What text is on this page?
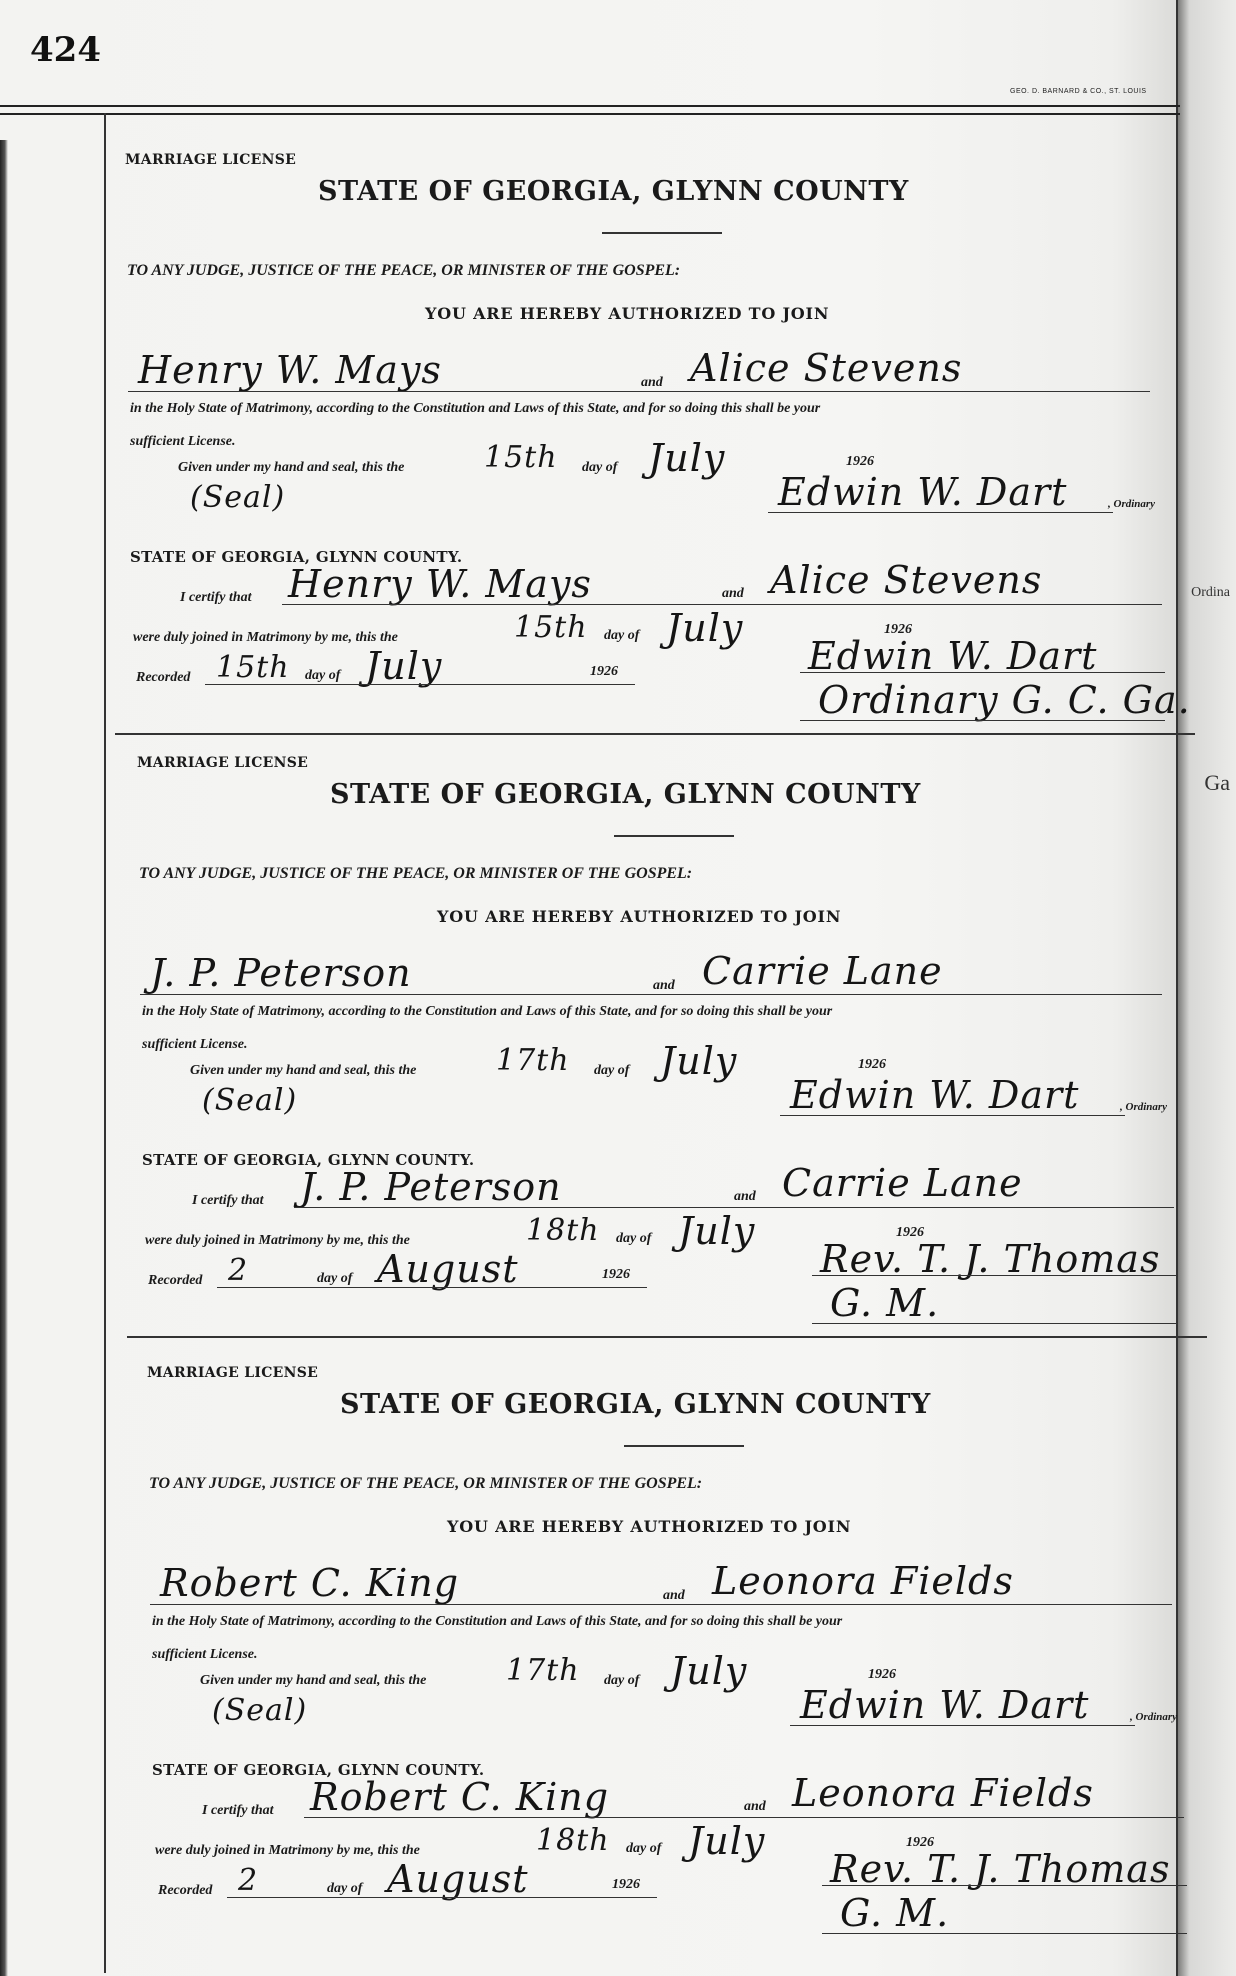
Ordina
Ga
424
GEO. D. BARNARD & CO., ST. LOUIS
MARRIAGE LICENSE
STATE OF GEORGIA, GLYNN COUNTY
TO ANY JUDGE, JUSTICE OF THE PEACE, OR MINISTER OF THE GOSPEL:
YOU ARE HEREBY AUTHORIZED TO JOIN
Henry W. Mays	and Alice Stevens
in the Holy State of Matrimony, according to the Constitution and Laws of this State, and for so doing this shall be your
sufficient License.
Given under my hand and seal, this the	15th day of July	1926
(Seal)	Edwin W. Dart	, Ordinary
STATE OF GEORGIA, GLYNN COUNTY.
I certify that Henry W. Mays	and Alice Stevens
were duly joined in Matrimony by me, this the	15th day of July	1926
Recorded 15th day of July	1926	Edwin W. Dart
Ordinary G. C. Ga.
MARRIAGE LICENSE
STATE OF GEORGIA, GLYNN COUNTY
TO ANY JUDGE, JUSTICE OF THE PEACE, OR MINISTER OF THE GOSPEL:
YOU ARE HEREBY AUTHORIZED TO JOIN
J. P. Peterson	and Carrie Lane
in the Holy State of Matrimony, according to the Constitution and Laws of this State, and for so doing this shall be your
sufficient License.
Given under my hand and seal, this the	17th day of July	1926
(Seal)	Edwin W. Dart	, Ordinary
STATE OF GEORGIA, GLYNN COUNTY.
I certify that J. P. Peterson	and Carrie Lane
were duly joined in Matrimony by me, this the	18th day of July	1926
Recorded 2	day of August	1926	Rev. T. J. Thomas
G. M.
MARRIAGE LICENSE
STATE OF GEORGIA, GLYNN COUNTY
TO ANY JUDGE, JUSTICE OF THE PEACE, OR MINISTER OF THE GOSPEL:
YOU ARE HEREBY AUTHORIZED TO JOIN
Robert C. King	and Leonora Fields
in the Holy State of Matrimony, according to the Constitution and Laws of this State, and for so doing this shall be your
sufficient License.
Given under my hand and seal, this the	17th day of July	1926
(Seal)	Edwin W. Dart	, Ordinary
STATE OF GEORGIA, GLYNN COUNTY.
I certify that Robert C. King	and Leonora Fields
were duly joined in Matrimony by me, this the	18th day of July	1926
Recorded 2	day of August	1926	Rev. T. J. Thomas
G. M.
